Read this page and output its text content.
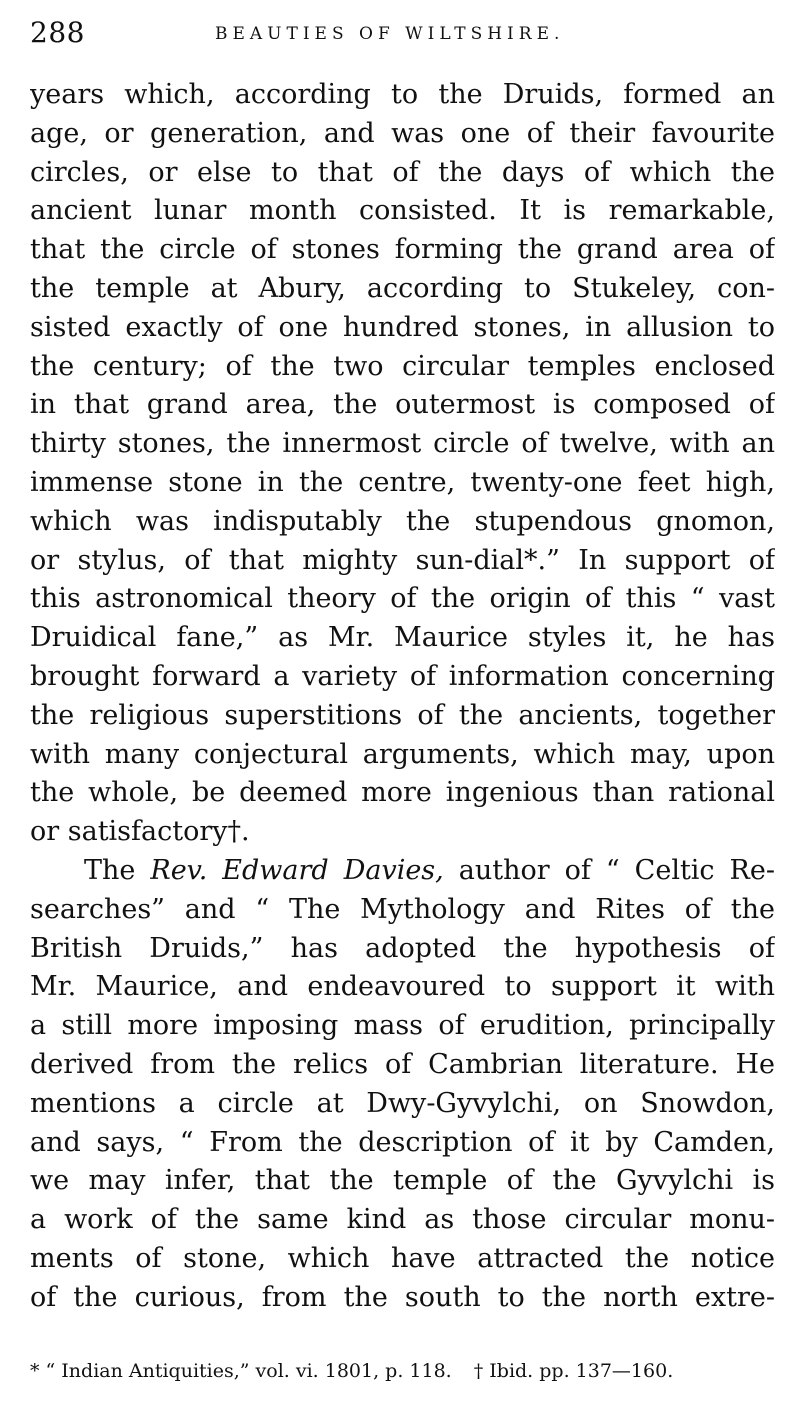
288	BEAUTIES OF WILTSHIRE.
years which, according to the Druids, formed an
age, or generation, and was one of their favourite
circles, or else to that of the days of which the
ancient lunar month consisted. It is remarkable,
that the circle of stones forming the grand area of
the temple at Abury, according to Stukeley, con-
sisted exactly of one hundred stones, in allusion to
the century; of the two circular temples enclosed
in that grand area, the outermost is composed of
thirty stones, the innermost circle of twelve, with an
immense stone in the centre, twenty-one feet high,
which was indisputably the stupendous gnomon,
or stylus, of that mighty sun-dial*.” In support of
this astronomical theory of the origin of this “ vast
Druidical fane,” as Mr. Maurice styles it, he has
brought forward a variety of information concerning
the religious superstitions of the ancients, together
with many conjectural arguments, which may, upon
the whole, be deemed more ingenious than rational
or satisfactory†.
The Rev. Edward Davies, author of “ Celtic Re-
searches” and “ The Mythology and Rites of the
British Druids,” has adopted the hypothesis of
Mr. Maurice, and endeavoured to support it with
a still more imposing mass of erudition, principally
derived from the relics of Cambrian literature. He
mentions a circle at Dwy-Gyvylchi, on Snowdon,
and says, “ From the description of it by Camden,
we may infer, that the temple of the Gyvylchi is
a work of the same kind as those circular monu-
ments of stone, which have attracted the notice
of the curious, from the south to the north extre-
* “ Indian Antiquities,” vol. vi. 1801, p. 118. † Ibid. pp. 137—160.
